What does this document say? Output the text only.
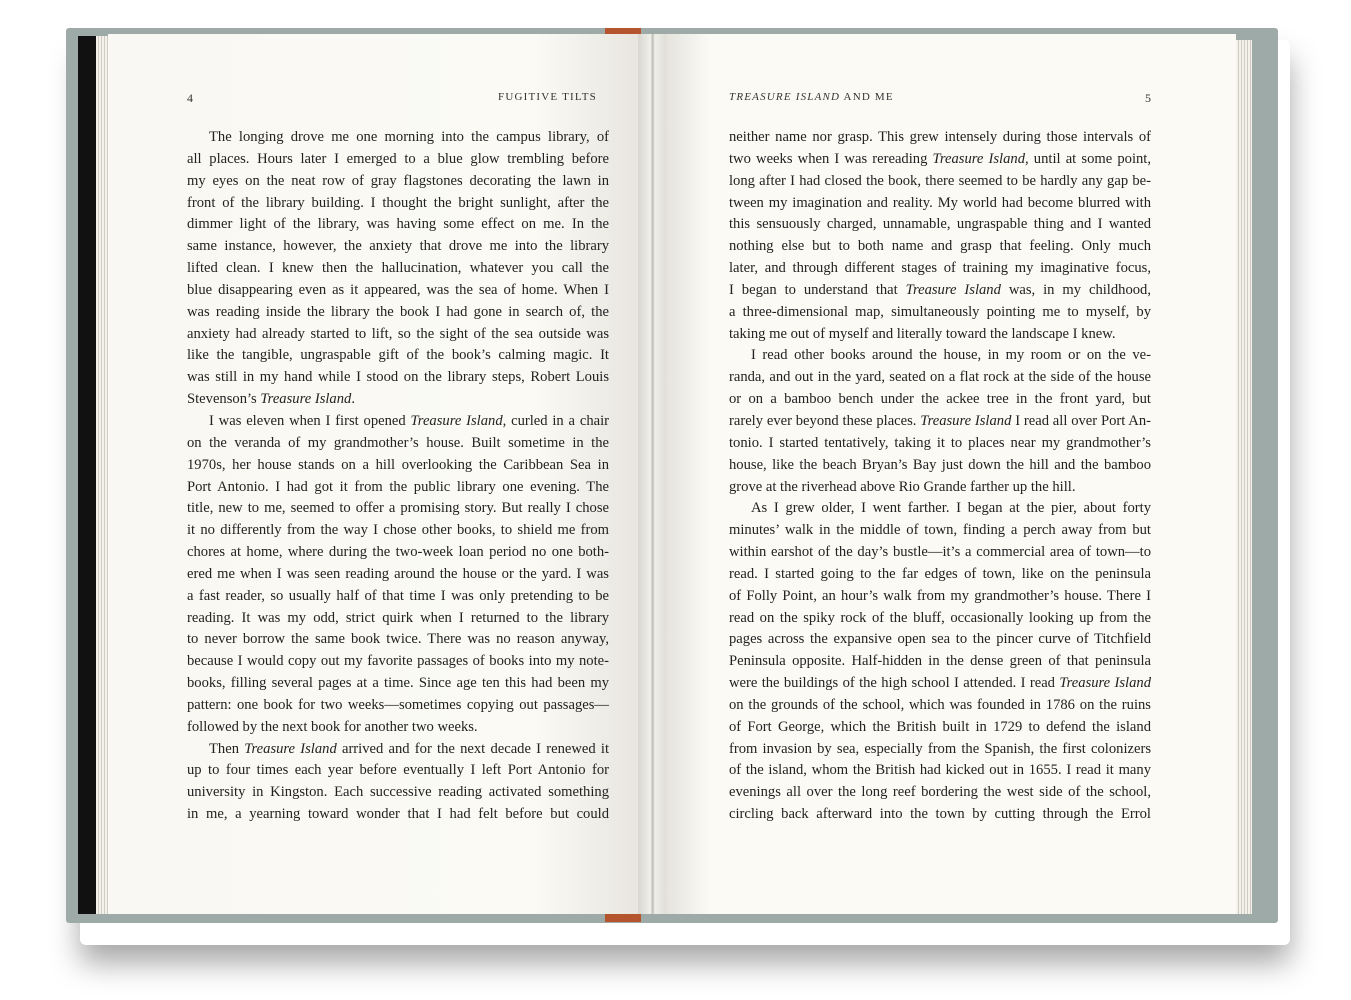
4	FUGITIVE TILTS	TREASURE ISLAND AND ME	5
The longing drove me one morning into the campus library, of
all places. Hours later I emerged to a blue glow trembling before
my eyes on the neat row of gray flagstones decorating the lawn in
front of the library building. I thought the bright sunlight, after the
dimmer light of the library, was having some effect on me. In the
same instance, however, the anxiety that drove me into the library
lifted clean. I knew then the hallucination, whatever you call the
blue disappearing even as it appeared, was the sea of home. When I
was reading inside the library the book I had gone in search of, the
anxiety had already started to lift, so the sight of the sea outside was
like the tangible, ungraspable gift of the book’s calming magic. It
was still in my hand while I stood on the library steps, Robert Louis
Stevenson’s Treasure Island.
I was eleven when I first opened Treasure Island, curled in a chair
on the veranda of my grandmother’s house. Built sometime in the
1970s, her house stands on a hill overlooking the Caribbean Sea in
Port Antonio. I had got it from the public library one evening. The
title, new to me, seemed to offer a promising story. But really I chose
it no differently from the way I chose other books, to shield me from
chores at home, where during the two-week loan period no one both-
ered me when I was seen reading around the house or the yard. I was
a fast reader, so usually half of that time I was only pretending to be
reading. It was my odd, strict quirk when I returned to the library
to never borrow the same book twice. There was no reason anyway,
because I would copy out my favorite passages of books into my note-
books, filling several pages at a time. Since age ten this had been my
pattern: one book for two weeks—sometimes copying out passages—
followed by the next book for another two weeks.
Then Treasure Island arrived and for the next decade I renewed it
up to four times each year before eventually I left Port Antonio for
university in Kingston. Each successive reading activated something
in me, a yearning toward wonder that I had felt before but could
neither name nor grasp. This grew intensely during those intervals of
two weeks when I was rereading Treasure Island, until at some point,
long after I had closed the book, there seemed to be hardly any gap be-
tween my imagination and reality. My world had become blurred with
this sensuously charged, unnamable, ungraspable thing and I wanted
nothing else but to both name and grasp that feeling. Only much
later, and through different stages of training my imaginative focus,
I began to understand that Treasure Island was, in my childhood,
a three-dimensional map, simultaneously pointing me to myself, by
taking me out of myself and literally toward the landscape I knew.
I read other books around the house, in my room or on the ve-
randa, and out in the yard, seated on a flat rock at the side of the house
or on a bamboo bench under the ackee tree in the front yard, but
rarely ever beyond these places. Treasure Island I read all over Port An-
tonio. I started tentatively, taking it to places near my grandmother’s
house, like the beach Bryan’s Bay just down the hill and the bamboo
grove at the riverhead above Rio Grande farther up the hill.
As I grew older, I went farther. I began at the pier, about forty
minutes’ walk in the middle of town, finding a perch away from but
within earshot of the day’s bustle—it’s a commercial area of town—to
read. I started going to the far edges of town, like on the peninsula
of Folly Point, an hour’s walk from my grandmother’s house. There I
read on the spiky rock of the bluff, occasionally looking up from the
pages across the expansive open sea to the pincer curve of Titchfield
Peninsula opposite. Half-hidden in the dense green of that peninsula
were the buildings of the high school I attended. I read Treasure Island
on the grounds of the school, which was founded in 1786 on the ruins
of Fort George, which the British built in 1729 to defend the island
from invasion by sea, especially from the Spanish, the first colonizers
of the island, whom the British had kicked out in 1655. I read it many
evenings all over the long reef bordering the west side of the school,
circling back afterward into the town by cutting through the Errol
